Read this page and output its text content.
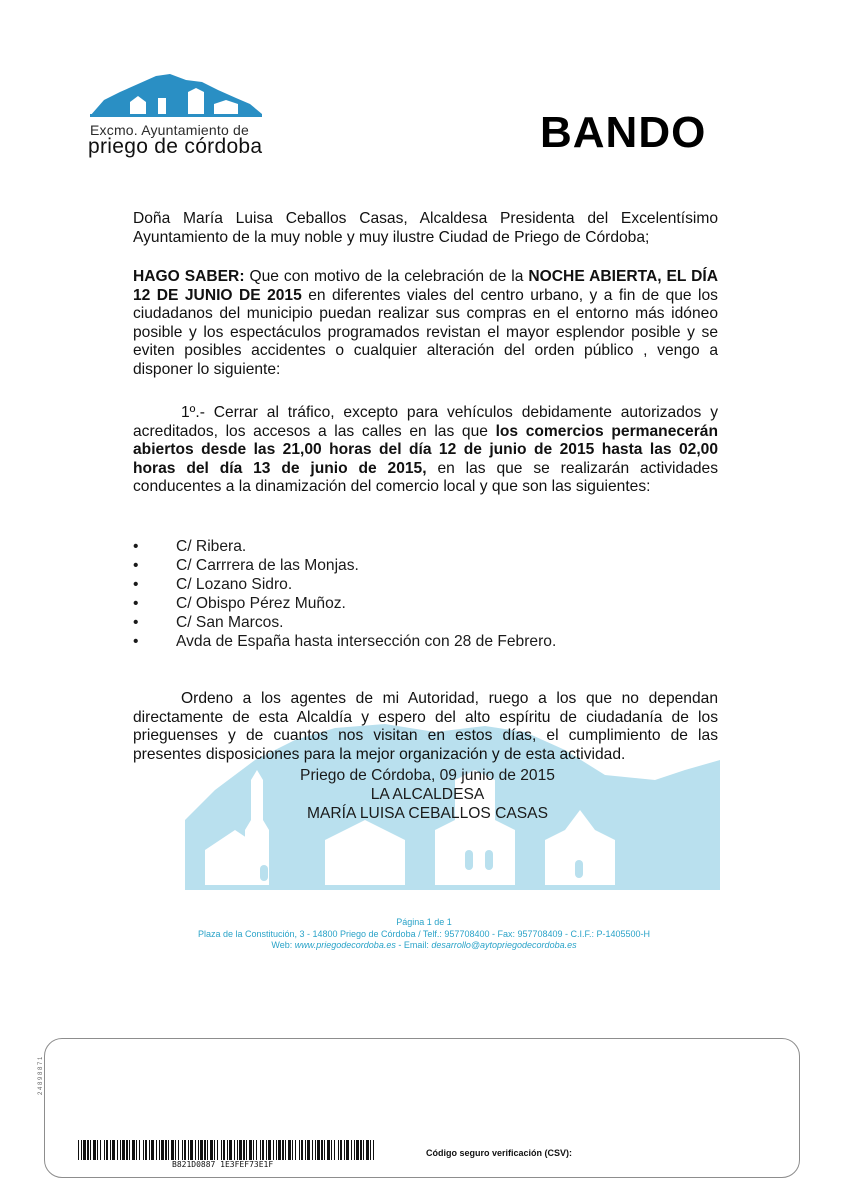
Excmo. Ayuntamiento de
priego de córdoba	BANDO

Doña María Luisa Ceballos Casas, Alcaldesa Presidenta del Excelentísimo Ayuntamiento de la muy noble y muy ilustre Ciudad de Priego de Córdoba;

HAGO SABER: Que con motivo de la celebración de la NOCHE ABIERTA, EL DÍA 12 DE JUNIO DE 2015 en diferentes viales del centro urbano, y a fin de que los ciudadanos del municipio puedan realizar sus compras en el entorno más idóneo posible y los espectáculos programados revistan el mayor esplendor posible y se eviten posibles accidentes o cualquier alteración del orden público , vengo a disponer lo siguiente:

1º.- Cerrar al tráfico, excepto para vehículos debidamente autorizados y acreditados, los accesos a las calles en las que los comercios permanecerán abiertos desde las 21,00 horas del día 12 de junio de 2015 hasta las 02,00 horas del día 13 de junio de 2015, en las que se realizarán actividades conducentes a la dinamización del comercio local y que son las siguientes:

• C/ Ribera.
• C/ Carrrera de las Monjas.
• C/ Lozano Sidro.
• C/ Obispo Pérez Muñoz.
• C/ San Marcos.
• Avda de España hasta intersección con 28 de Febrero.

Ordeno a los agentes de mi Autoridad, ruego a los que no dependan directamente de esta Alcaldía y espero del alto espíritu de ciudadanía de los prieguenses y de cuantos nos visitan en estos días, el cumplimiento de las presentes disposiciones para la mejor organización y de esta actividad.

Priego de Córdoba, 09 junio de 2015
LA ALCALDESA
MARÍA LUISA CEBALLOS CASAS
Página 1 de 1
Plaza de la Constitución, 3 - 14800 Priego de Córdoba / Telf.: 957708400 - Fax: 957708409 - C.I.F.: P-1405500-H
Web: www.priegodecordoba.es - Email: desarrollo@aytopriegodecordoba.es
2 4 8 9 8 8 7 1
B821D0887 1E3FEF73E1F
Código seguro verificación (CSV):
